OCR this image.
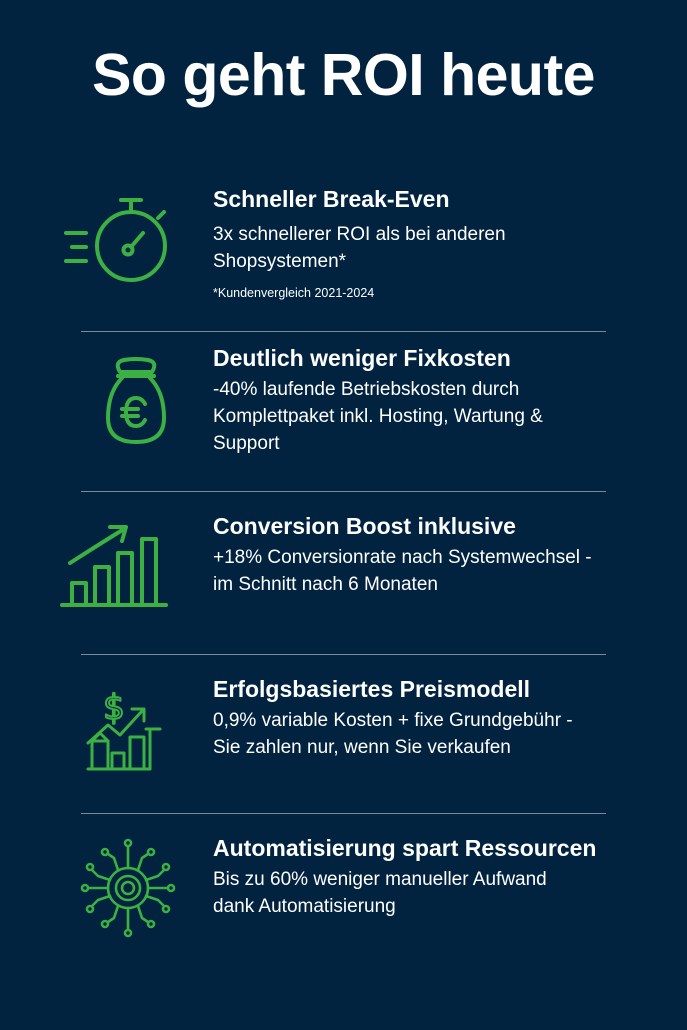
So geht ROI heute
Schneller Break-Even

3x schnellerer ROI als bei anderen Shopsystemen*

*Kundenvergleich 2021-2024
Deutlich weniger Fixkosten

-40% laufende Betriebskosten durch Komplettpaket inkl. Hosting, Wartung & Support

Conversion Boost inklusive

+18% Conversionrate nach Systemwechsel - im Schnitt nach 6 Monaten

$	Erfolgsbasiertes Preismodell

0,9% variable Kosten + fixe Grundgebühr - Sie zahlen nur, wenn Sie verkaufen

Automatisierung spart Ressourcen

Bis zu 60% weniger manueller Aufwand dank Automatisierung
